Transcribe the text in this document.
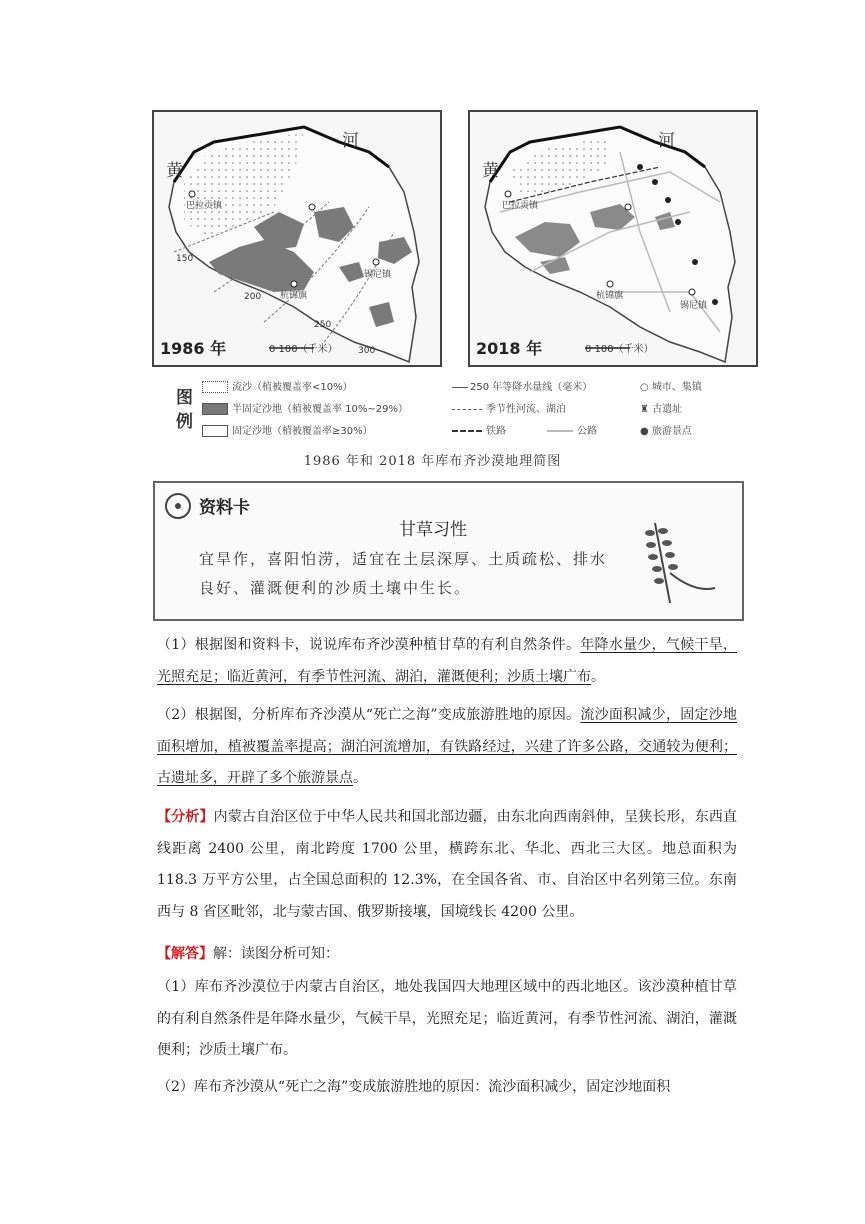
黄
河
巴拉贡镇
杭锦旗
锡尼镇
150
200
250
300
1986 年	0 100（千米）
黄
河
巴拉贡镇
杭锦旗
锡尼镇
2018 年	0 100（千米）
图例
流沙（植被覆盖率<10%）
半固定沙地（植被覆盖率 10%~29%）
固定沙地（植被覆盖率≥30%）
250 年等降水量线（毫米）
季节性河流、湖泊
铁路	公路
○ 城市、集镇
♜ 古遗址
● 旅游景点
1986 年和 2018 年库布齐沙漠地理简图
资料卡
甘草习性
宜旱作，喜阳怕涝，适宜在土层深厚、土质疏松、排水良好、灌溉便利的沙质土壤中生长。
（1）根据图和资料卡，说说库布齐沙漠种植甘草的有利自然条件。年降水量少，气候干旱，光照充足；临近黄河，有季节性河流、湖泊，灌溉便利；沙质土壤广布。
（2）根据图，分析库布齐沙漠从“死亡之海”变成旅游胜地的原因。流沙面积减少，固定沙地面积增加，植被覆盖率提高；湖泊河流增加，有铁路经过，兴建了许多公路，交通较为便利；古遗址多，开辟了多个旅游景点。
【分析】内蒙古自治区位于中华人民共和国北部边疆，由东北向西南斜伸，呈狭长形，东西直线距离 2400 公里，南北跨度 1700 公里，横跨东北、华北、西北三大区。地总面积为 118.3 万平方公里，占全国总面积的 12.3%，在全国各省、市、自治区中名列第三位。东南西与 8 省区毗邻，北与蒙古国、俄罗斯接壤，国境线长 4200 公里。
【解答】解：读图分析可知：
（1）库布齐沙漠位于内蒙古自治区，地处我国四大地理区域中的西北地区。该沙漠种植甘草的有利自然条件是年降水量少，气候干旱，光照充足；临近黄河，有季节性河流、湖泊，灌溉便利；沙质土壤广布。
（2）库布齐沙漠从“死亡之海”变成旅游胜地的原因：流沙面积减少，固定沙地面积
